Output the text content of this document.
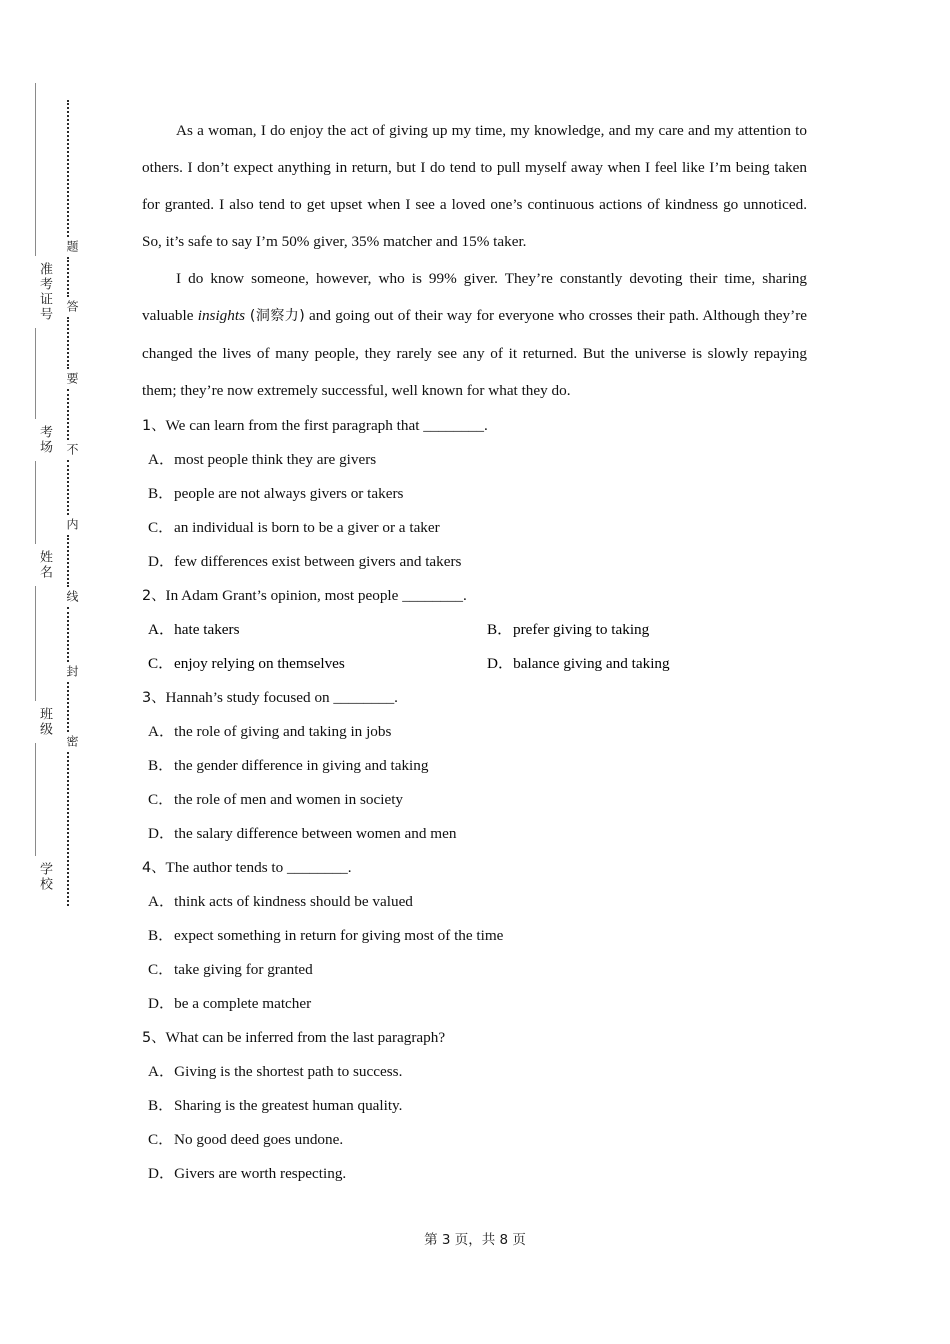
准考证号
考场
姓名
班级
学校
题
答
要
不
内
线
封
密

As a woman, I do enjoy the act of giving up my time, my knowledge, and my care and my attention to others. I don’t expect anything in return, but I do tend to pull myself away when I feel like I’m being taken for granted. I also tend to get upset when I see a loved one’s continuous actions of kindness go unnoticed. So, it’s safe to say I’m 50% giver, 35% matcher and 15% taker.

I do know someone, however, who is 99% giver. They’re constantly devoting their time, sharing valuable insights (洞察力) and going out of their way for everyone who crosses their path. Although they’re changed the lives of many people, they rarely see any of it returned. But the universe is slowly repaying them; they’re now extremely successful, well known for what they do.

1、We can learn from the first paragraph that ________.
A．most people think they are givers
B．people are not always givers or takers
C．an individual is born to be a giver or a taker
D．few differences exist between givers and takers
2、In Adam Grant’s opinion, most people ________.
A．hate takers	B．prefer giving to taking
C．enjoy relying on themselves	D．balance giving and taking
3、Hannah’s study focused on ________.
A．the role of giving and taking in jobs
B．the gender difference in giving and taking
C．the role of men and women in society
D．the salary difference between women and men
4、The author tends to ________.
A．think acts of kindness should be valued
B．expect something in return for giving most of the time
C．take giving for granted
D．be a complete matcher
5、What can be inferred from the last paragraph?
A．Giving is the shortest path to success.
B．Sharing is the greatest human quality.
C．No good deed goes undone.
D．Givers are worth respecting.
第 3 页，共 8 页
